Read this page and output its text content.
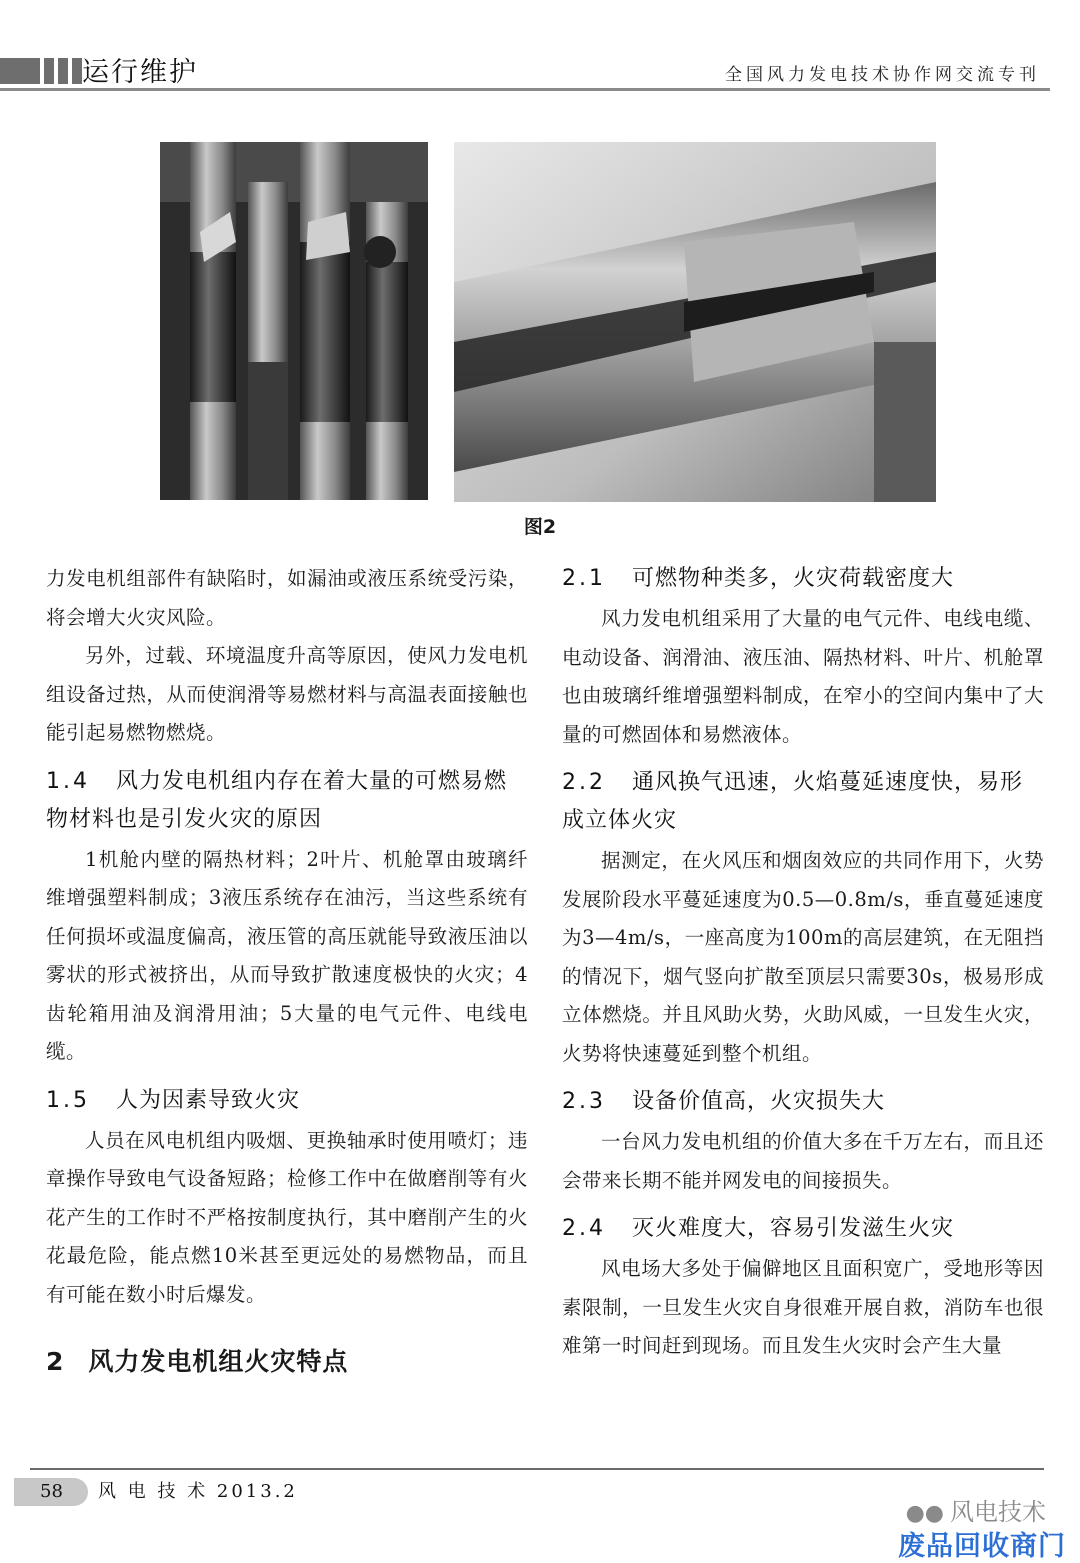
运行维护	全国风力发电技术协作网交流专刊
图2

力发电机组部件有缺陷时，如漏油或液压系统受污染，将会增大火灾风险。

另外，过载、环境温度升高等原因，使风力发电机组设备过热，从而使润滑等易燃材料与高温表面接触也能引起易燃物燃烧。

1.4 风力发电机组内存在着大量的可燃易燃物材料也是引发火灾的原因

1机舱内壁的隔热材料；2叶片、机舱罩由玻璃纤维增强塑料制成；3液压系统存在油污，当这些系统有任何损坏或温度偏高，液压管的高压就能导致液压油以雾状的形式被挤出，从而导致扩散速度极快的火灾；4齿轮箱用油及润滑用油；5大量的电气元件、电线电缆。

1.5 人为因素导致火灾

人员在风电机组内吸烟、更换轴承时使用喷灯；违章操作导致电气设备短路；检修工作中在做磨削等有火花产生的工作时不严格按制度执行，其中磨削产生的火花最危险，能点燃10米甚至更远处的易燃物品，而且有可能在数小时后爆发。

2 风力发电机组火灾特点
2.1 可燃物种类多，火灾荷载密度大

风力发电机组采用了大量的电气元件、电线电缆、电动设备、润滑油、液压油、隔热材料、叶片、机舱罩也由玻璃纤维增强塑料制成，在窄小的空间内集中了大量的可燃固体和易燃液体。

2.2 通风换气迅速，火焰蔓延速度快，易形成立体火灾

据测定，在火风压和烟囱效应的共同作用下，火势发展阶段水平蔓延速度为0.5—0.8m/s，垂直蔓延速度为3—4m/s，一座高度为100m的高层建筑，在无阻挡的情况下，烟气竖向扩散至顶层只需要30s，极易形成立体燃烧。并且风助火势，火助风威，一旦发生火灾，火势将快速蔓延到整个机组。

2.3 设备价值高，火灾损失大

一台风力发电机组的价值大多在千万左右，而且还会带来长期不能并网发电的间接损失。

2.4 灭火难度大，容易引发滋生火灾

风电场大多处于偏僻地区且面积宽广，受地形等因素限制，一旦发生火灾自身很难开展自救，消防车也很难第一时间赶到现场。而且发生火灾时会产生大量

58 风 电 技 术 2013.2
●​● 风电技术
废品回收商门
